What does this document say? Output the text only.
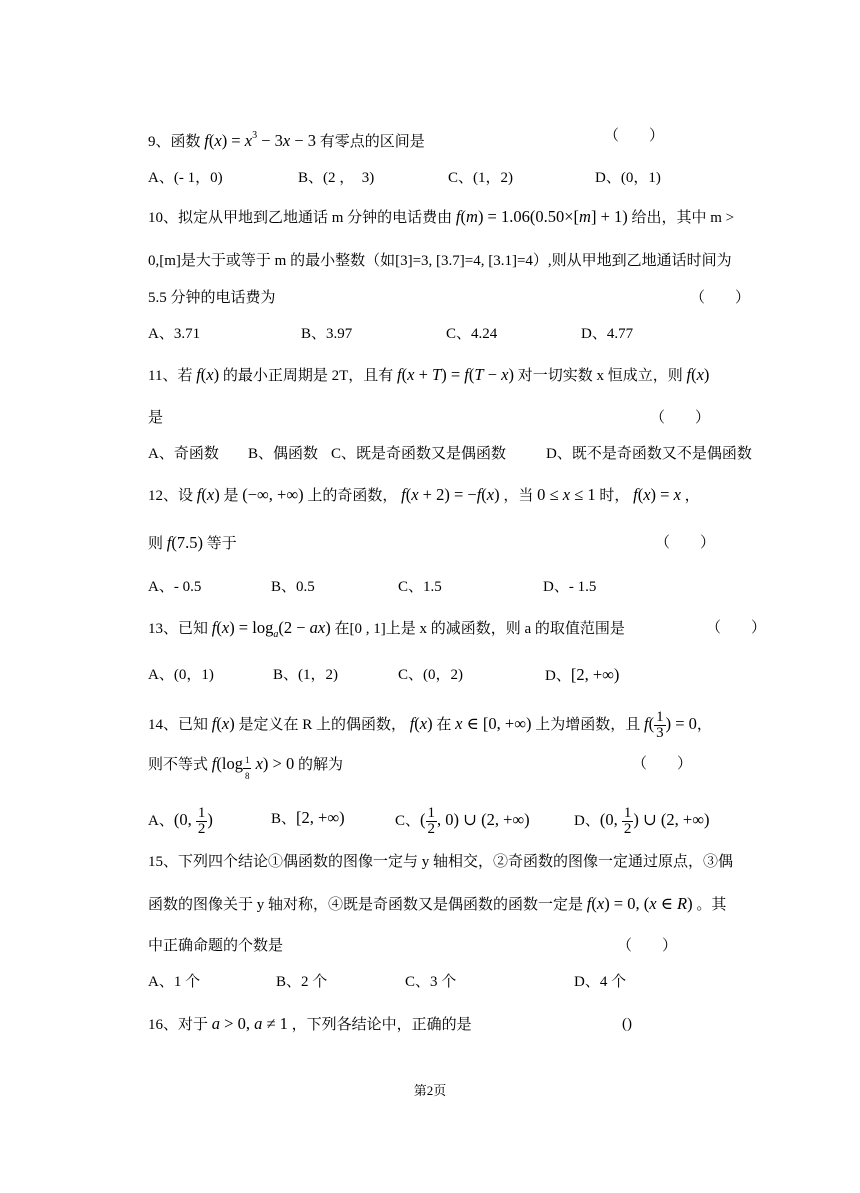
9、函数 $f(x) = x^3 - 3x - 3$ 有零点的区间是	（　　）
A、(- 1，0)	B、(2 ，　3)	C、(1，2)	D、(0，1)
10、拟定从甲地到乙地通话 m 分钟的电话费由 f(m) = 1.06(0.50×[m] + 1) 给出，其中 m >
0,[m]是大于或等于 m 的最小整数（如[3]=3, [3.7]=4, [3.1]=4）,则从甲地到乙地通话时间为
5.5 分钟的电话费为	（　　）
A、3.71	B、3.97	C、4.24	D、4.77
11、若 f(x) 的最小正周期是 2T，且有 f(x + T) = f(T − x) 对一切实数 x 恒成立，则 f(x)
是	（　　）
A、奇函数 B、偶函数 C、既是奇函数又是偶函数	D、既不是奇函数又不是偶函数
12、设 f(x) 是 (−∞, +∞) 上的奇函数， f(x + 2) = −f(x) ，当 0 ≤ x ≤ 1 时， f(x) = x ，
则 f(7.5) 等于	（　　）
A、- 0.5	B、0.5	C、1.5	D、- 1.5
13、已知 $f(x) = \log_a(2 - ax)$ 在[0 , 1]上是 x 的减函数，则 a 的取值范围是	（　　）
A、(0，1)	B、(1，2)	C、(0，2)	D、[2, +∞)
14、已知 f(x) 是定义在 R 上的偶函数， f(x) 在 x ∈ [0, +∞) 上为增函数，且 $f( \frac{1}{3}$ ) = 0，
则不等式 $f(\log \frac{1}{8} x) > 0$ 的解为	（　　）
A、(0, $\frac{1}{2}$ )	B、[2, +∞)	C、( $\frac{1}{2}$ , 0) ∪ (2, +∞)	D、(0, $\frac{1}{2}$ ) ∪ (2, +∞)
15、下列四个结论①偶函数的图像一定与 y 轴相交，②奇函数的图像一定通过原点，③偶
函数的图像关于 y 轴对称，④既是奇函数又是偶函数的函数一定是 f(x) = 0, (x ∈ R) 。其
中正确命题的个数是	（　　）
A、1 个	B、2 个	C、3 个	D、4 个
16、对于 a > 0, a ≠ 1 ，下列各结论中，正确的是	()
第2页
